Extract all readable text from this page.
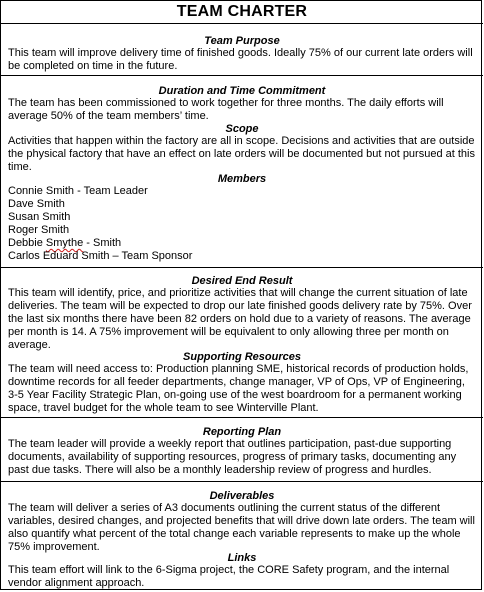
TEAM CHARTER
Team Purpose
This team will improve delivery time of finished goods. Ideally 75% of our current late orders will
be completed on time in the future.
Duration and Time Commitment
The team has been commissioned to work together for three months. The daily efforts will
average 50% of the team members’ time.
Scope
Activities that happen within the factory are all in scope. Decisions and activities that are outside
the physical factory that have an effect on late orders will be documented but not pursued at this
time.
Members
Connie Smith - Team Leader
Dave Smith
Susan Smith
Roger Smith
Debbie Smythe - Smith
Carlos Eduard Smith – Team Sponsor
Desired End Result
This team will identify, price, and prioritize activities that will change the current situation of late
deliveries. The team will be expected to drop our late finished goods delivery rate by 75%. Over
the last six months there have been 82 orders on hold due to a variety of reasons. The average
per month is 14. A 75% improvement will be equivalent to only allowing three per month on
average.
Supporting Resources
The team will need access to: Production planning SME, historical records of production holds,
downtime records for all feeder departments, change manager, VP of Ops, VP of Engineering,
3-5 Year Facility Strategic Plan, on-going use of the west boardroom for a permanent working
space, travel budget for the whole team to see Winterville Plant.
Reporting Plan
The team leader will provide a weekly report that outlines participation, past-due supporting
documents, availability of supporting resources, progress of primary tasks, documenting any
past due tasks. There will also be a monthly leadership review of progress and hurdles.
Deliverables
The team will deliver a series of A3 documents outlining the current status of the different
variables, desired changes, and projected benefits that will drive down late orders. The team will
also quantify what percent of the total change each variable represents to make up the whole
75% improvement.
Links
This team effort will link to the 6-Sigma project, the CORE Safety program, and the internal
vendor alignment approach.
